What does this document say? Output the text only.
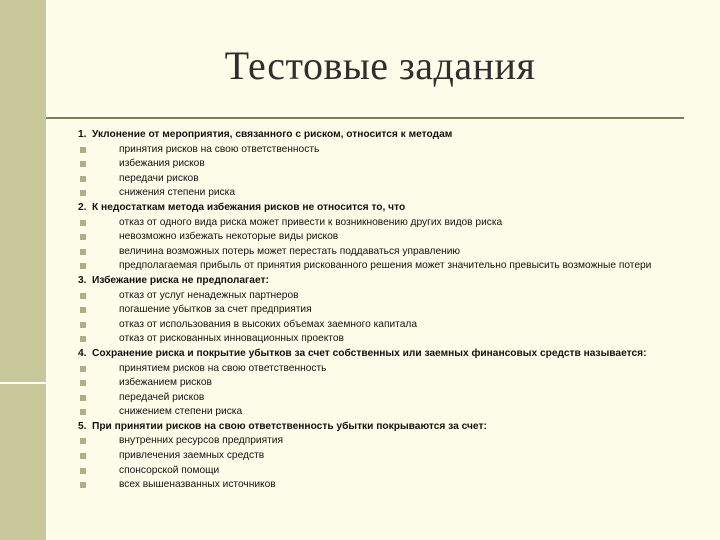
Тестовые задания

1. Уклонение от мероприятия, связанного с риском, относится к методам

принятия рисков на свою ответственность
избежания рисков
передачи рисков
снижения степени риска

2. К недостаткам метода избежания рисков не относится то, что

отказ от одного вида риска может привести к возникновению других видов риска
невозможно избежать некоторые виды рисков
величина возможных потерь может перестать поддаваться управлению
предполагаемая прибыль от принятия рискованного решения может значительно превысить возможные потери

3. Избежание риска не предполагает:

отказ от услуг ненадежных партнеров
погашение убытков за счет предприятия
отказ от использования в высоких объемах заемного капитала
отказ от рискованных инновационных проектов

4. Сохранение риска и покрытие убытков за счет собственных или заемных финансовых средств называется:

принятием рисков на свою ответственность
избежанием рисков
передачей рисков
снижением степени риска

5. При принятии рисков на свою ответственность убытки покрываются за счет:

внутренних ресурсов предприятия
привлечения заемных средств
спонсорской помощи
всех вышеназванных источников
